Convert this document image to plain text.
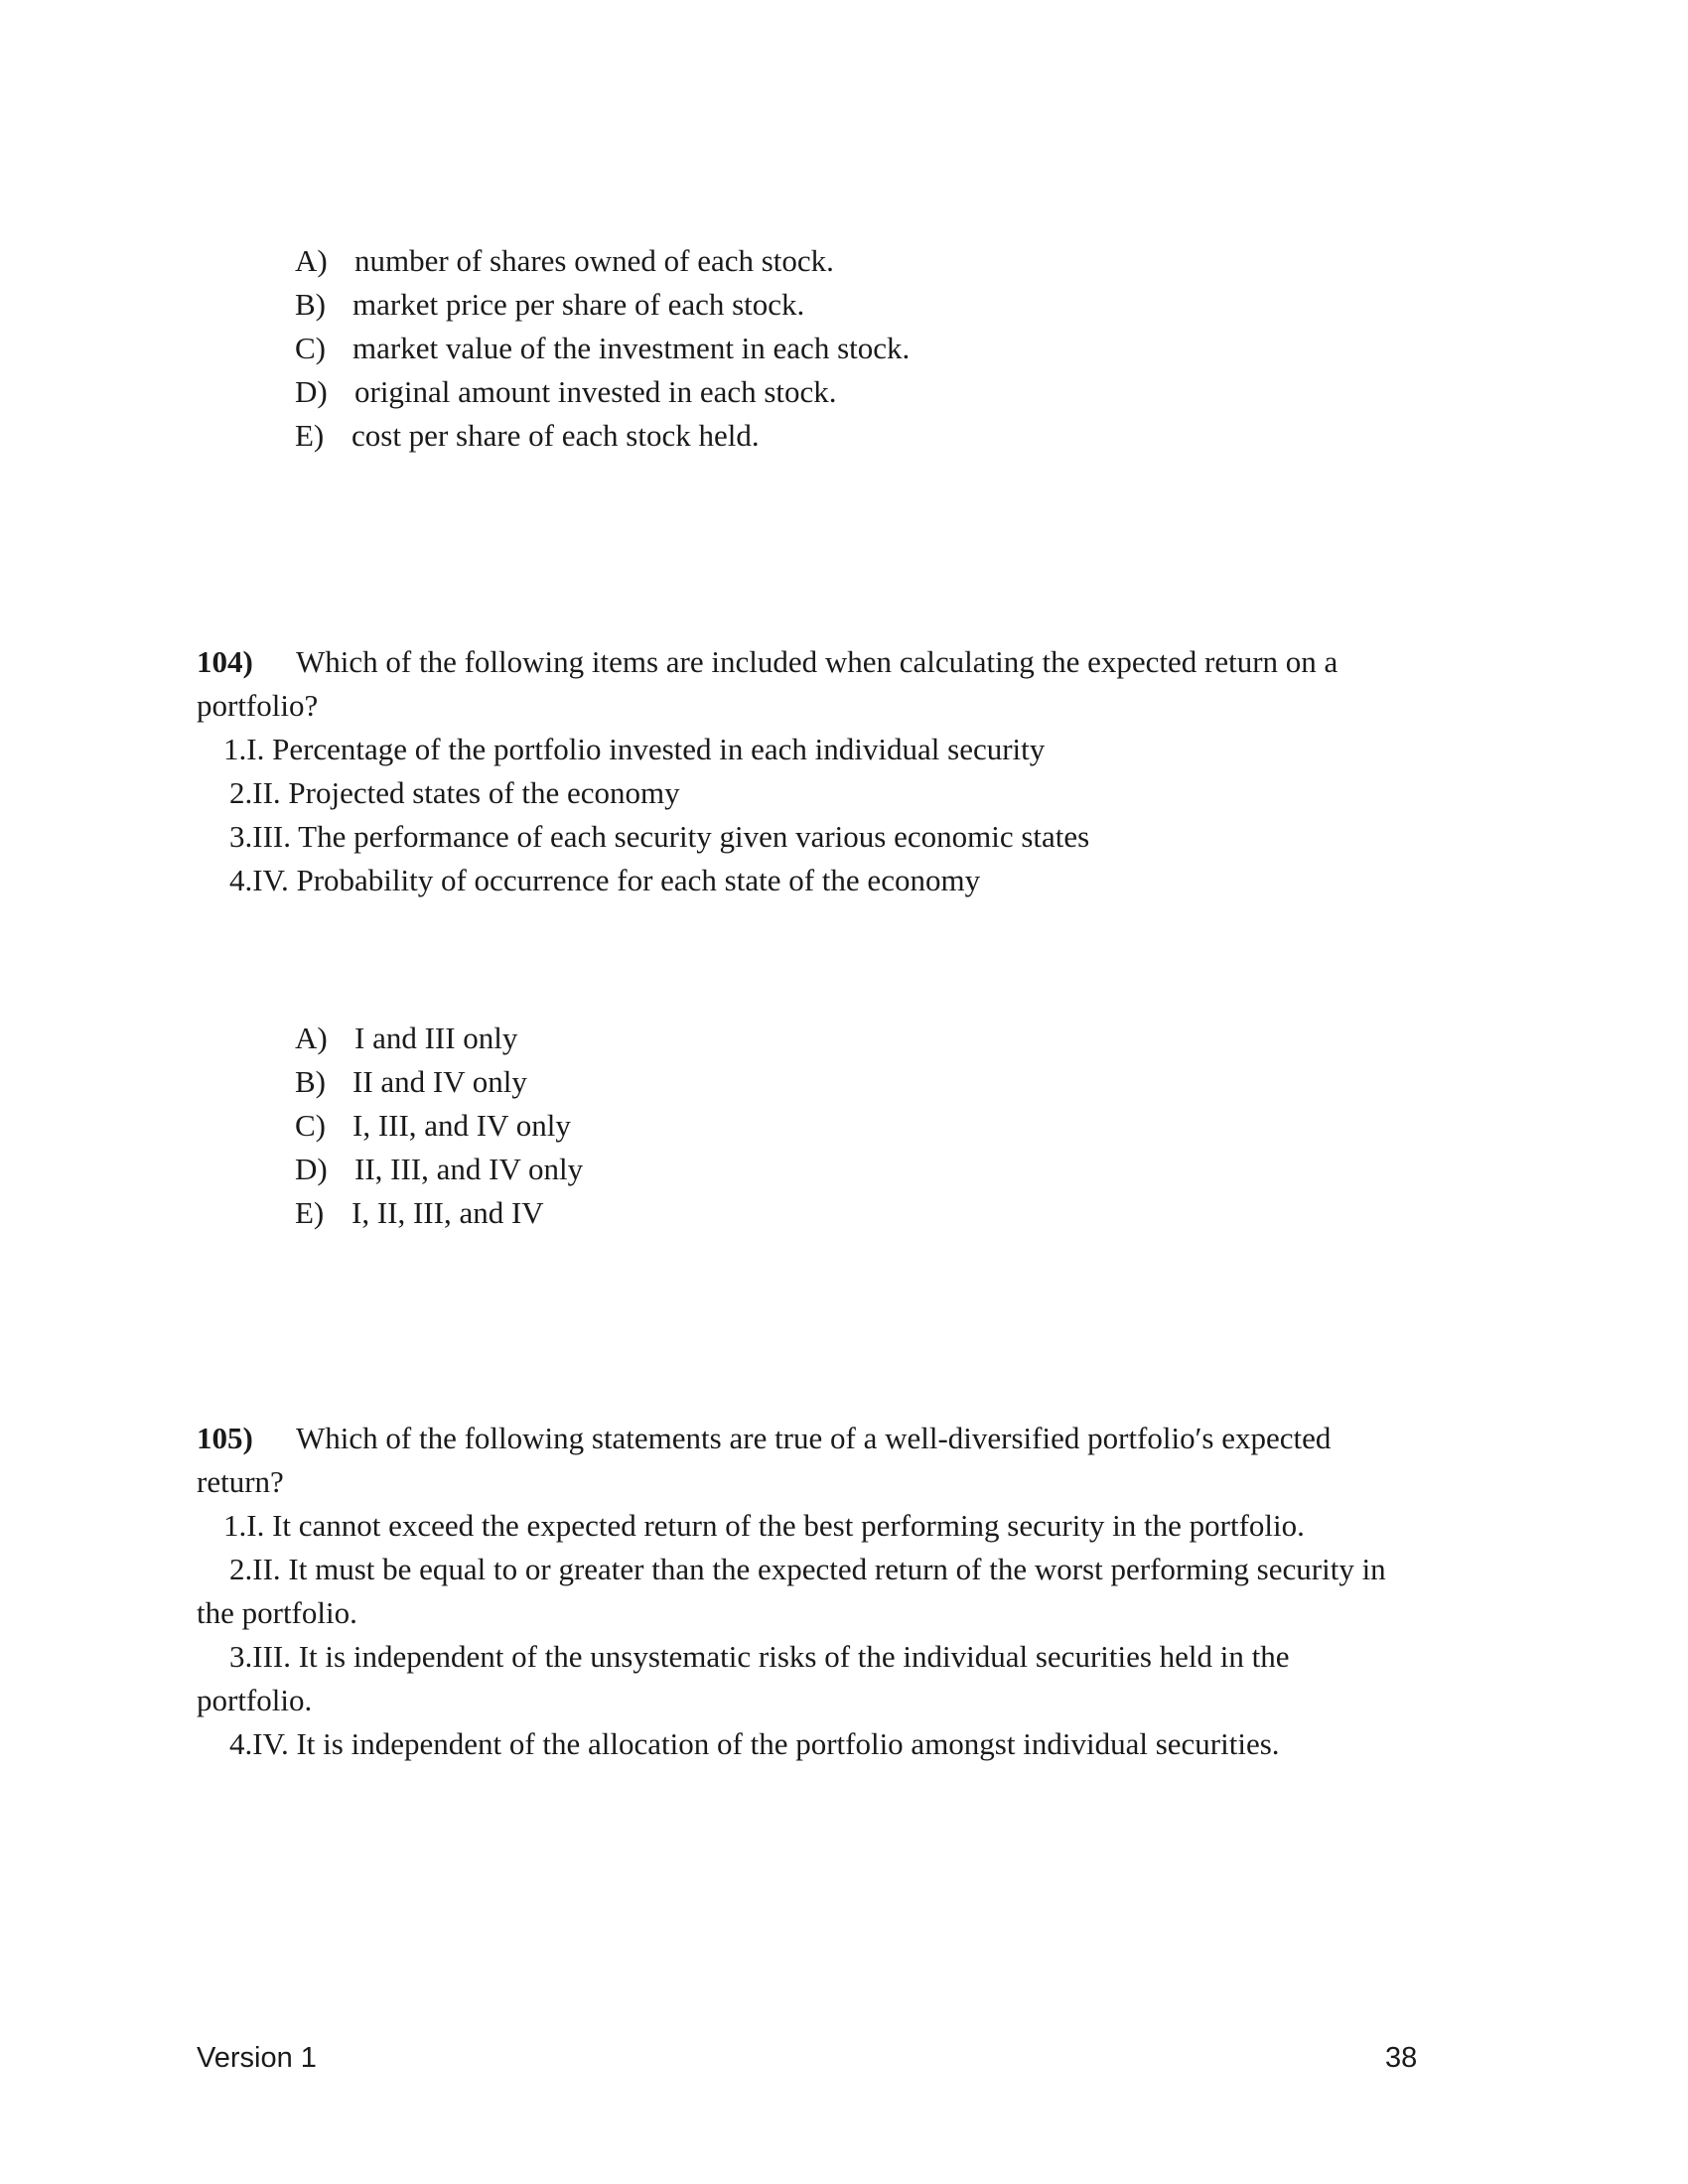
A) number of shares owned of each stock.
B) market price per share of each stock.
C) market value of the investment in each stock.
D) original amount invested in each stock.
E) cost per share of each stock held.
104) Which of the following items are included when calculating the expected return on a
portfolio?
1.I. Percentage of the portfolio invested in each individual security
2.II. Projected states of the economy
3.III. The performance of each security given various economic states
4.IV. Probability of occurrence for each state of the economy
A) I and III only
B) II and IV only
C) I, III, and IV only
D) II, III, and IV only
E) I, II, III, and IV
105) Which of the following statements are true of a well-diversified portfolio′s expected
return?
1.I. It cannot exceed the expected return of the best performing security in the portfolio.
2.II. It must be equal to or greater than the expected return of the worst performing security in
the portfolio.
3.III. It is independent of the unsystematic risks of the individual securities held in the
portfolio.
4.IV. It is independent of the allocation of the portfolio amongst individual securities.
Version 1	38
